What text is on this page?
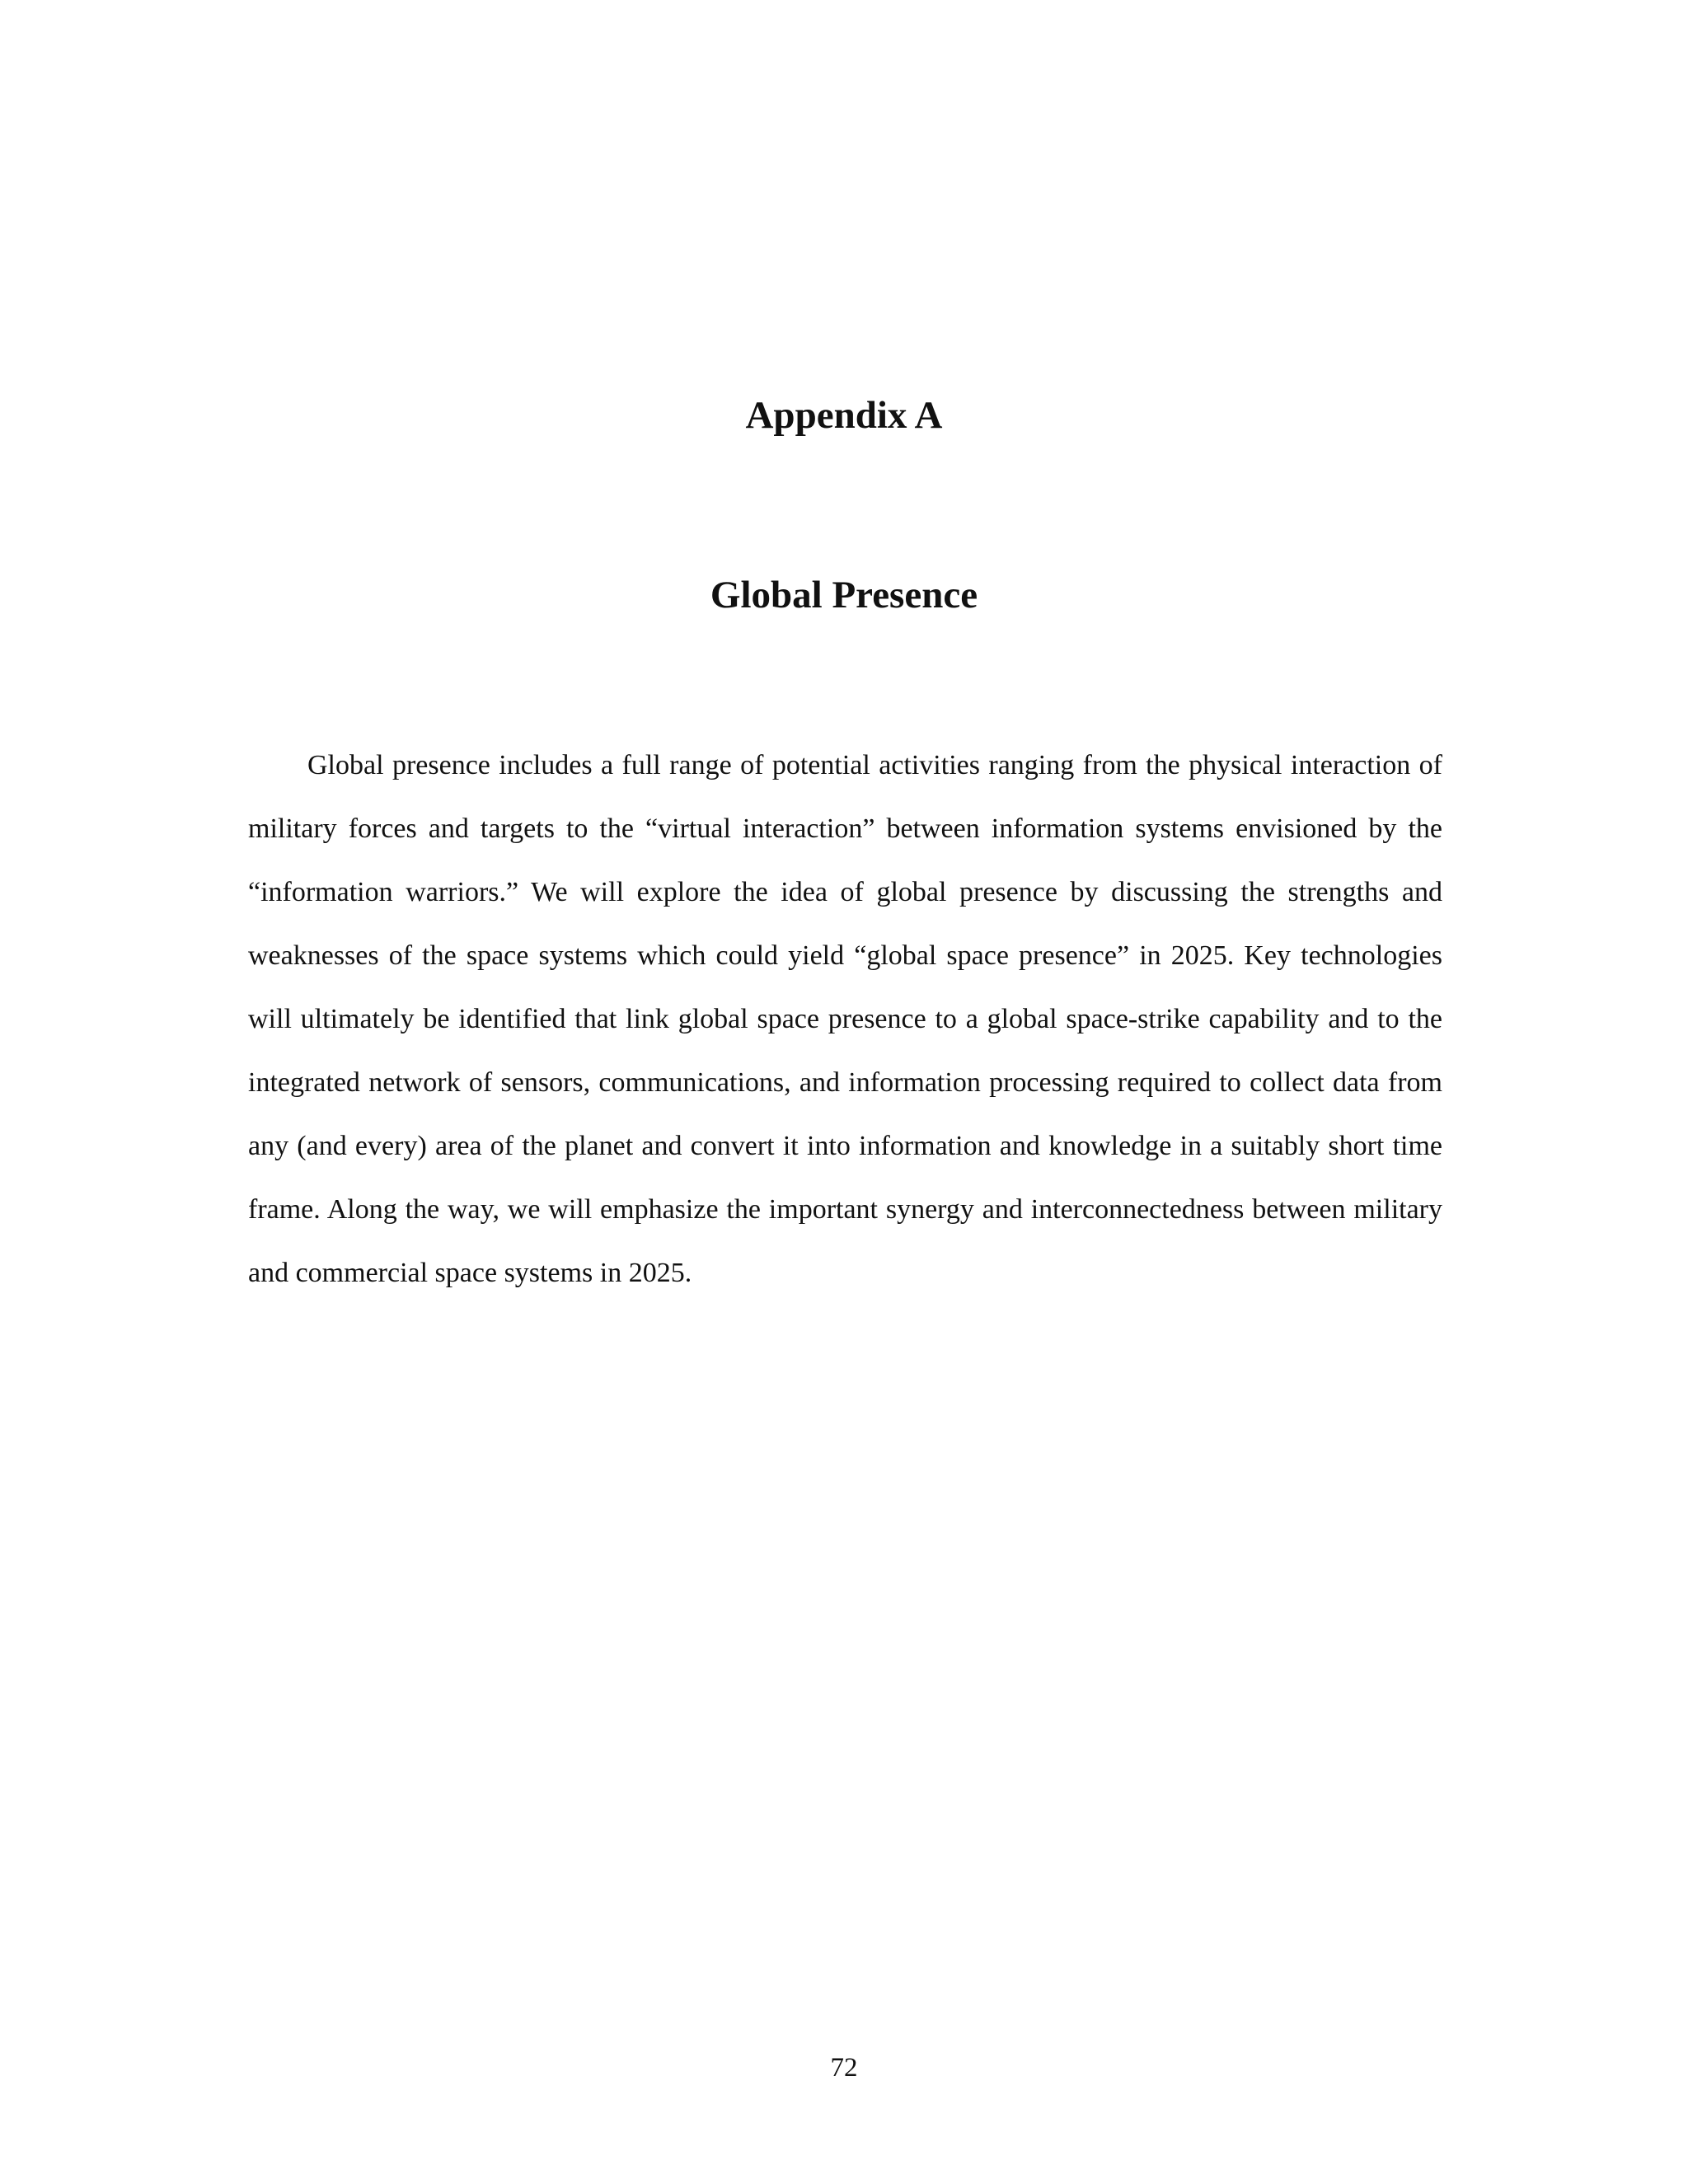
Appendix A
Global Presence

Global presence includes a full range of potential activities ranging from the physical interaction of military forces and targets to the “virtual interaction” between information systems envisioned by the “information warriors.” We will explore the idea of global presence by discussing the strengths and weaknesses of the space systems which could yield “global space presence” in 2025. Key technologies will ultimately be identified that link global space presence to a global space-strike capability and to the integrated network of sensors, communications, and information processing required to collect data from any (and every) area of the planet and convert it into information and knowledge in a suitably short time frame. Along the way, we will emphasize the important synergy and interconnectedness between military and commercial space systems in 2025.

72
